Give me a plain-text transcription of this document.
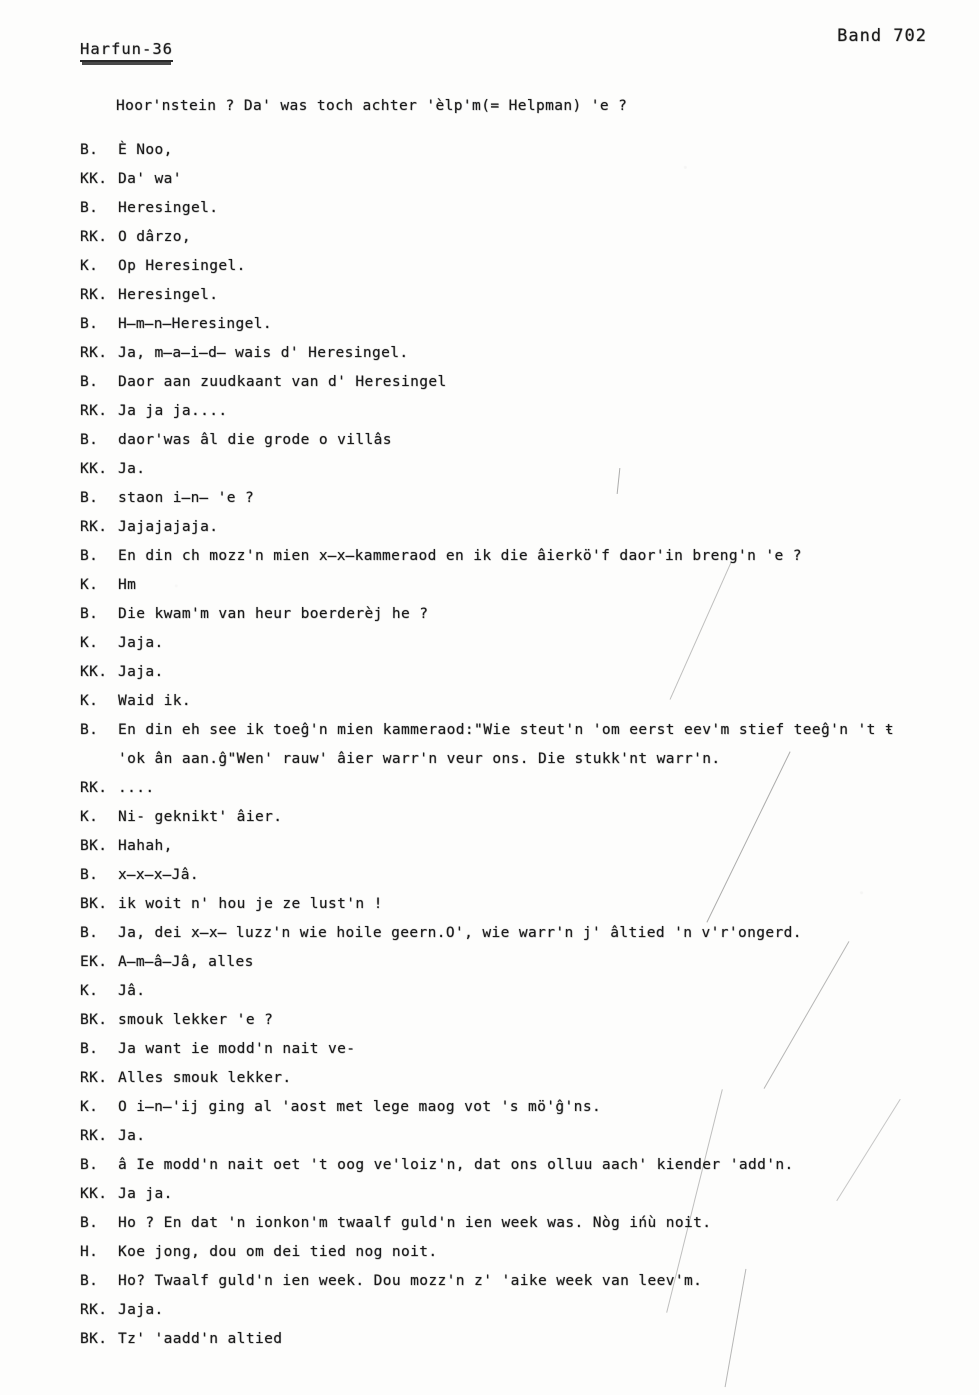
Band 702
Harfun-36
Hoor'nstein ? Da' was toch achter 'èlp'm(= Helpman) 'e ?
B.	È Noo,
KK. Da' wa'
B.	Heresingel.
RK. O dârzo,
K.	Op Heresingel.
RK. Heresingel.
B.	H̶m̶n̶Heresingel.
RK. Ja, m̶a̶i̶d̶ wais d' Heresingel.
B.	Daor aan zuudkaant van d' Heresingel
RK. Ja ja ja....
B.	daor'was âl die grode o villâs
KK. Ja.
B.	staon i̶n̶ 'e ?
RK. Jajajajaja.
B.	En din ch mozz'n mien x̶x̶kammeraod en ik die âierkö'f daor'in breng'n 'e ?
K.	Hm
B.	Die kwam'm van heur boerderèj he ?
K.	Jaja.
KK. Jaja.
K.	Waid ik.
B.	En din eh see ik toeĝ'n mien kammeraod:"Wie steut'n 'om eerst eev'm stief teeĝ'n 't ŧ
'ok ân aan.ĝ"Wen' rauw' âier warr'n veur ons. Die stukk'nt warr'n.
RK. ....
K.	Ni- geknikt' âier.
BK. Hahah,
B.	x̶x̶x̶Jâ.
BK. ik woit n' hou je ze lust'n !
B.	Ja, dei x̶x̶ luzz'n wie hoile geern.O', wie warr'n j' âltied 'n v'r'ongerd.
EK. A̶m̶â̶Jâ, alles
K.	Jâ.
BK. smouk lekker 'e ?
B.	Ja want ie modd'n nait ve-
RK. Alles smouk lekker.
K.	O i̶n̶'ij ging al 'aost met lege maog vot 's mö'ĝ'ns.
RK. Ja.
B.	â Ie modd'n nait oet 't oog ve'loiz'n, dat ons olluu aach' kiender 'add'n.
KK. Ja ja.
B.	Ho ? En dat 'n ionkon'm twaalf guld'n ien week was. Nòg ińù noit.
H.	Koe jong, dou om dei tied nog noit.
B.	Ho? Twaalf guld'n ien week. Dou mozz'n z' 'aike week van leev'm.
RK. Jaja.
BK. Tz' 'aadd'n altied
